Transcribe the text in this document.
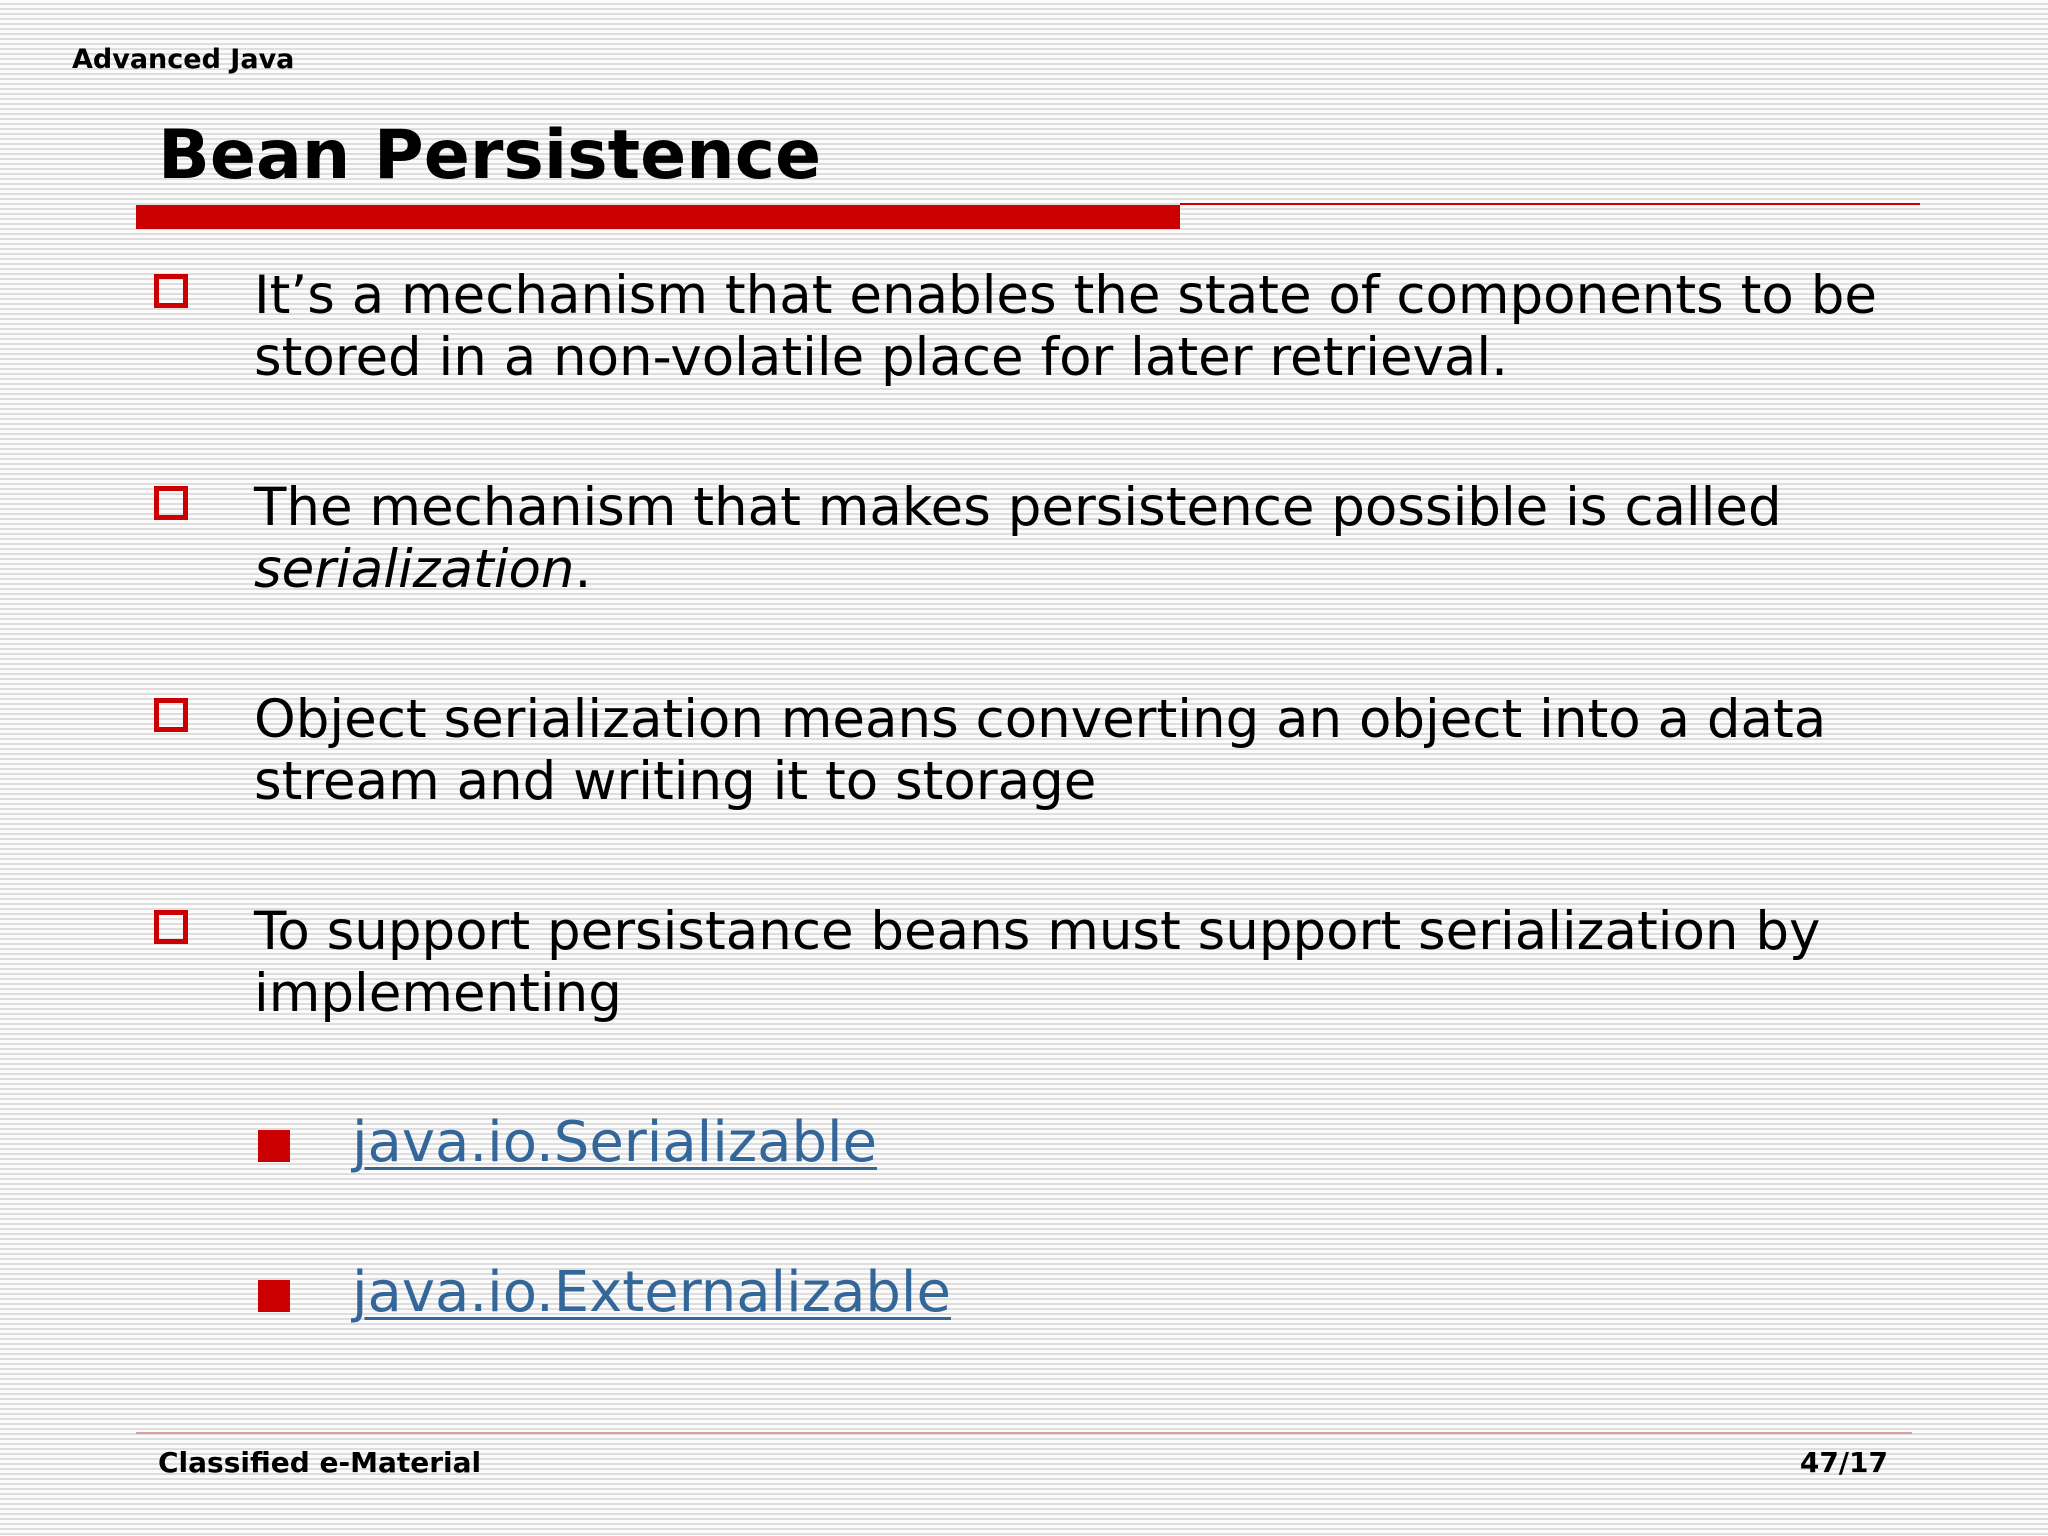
Advanced Java
Bean Persistence
It’s a mechanism that enables the state of components to be stored in a non-volatile place for later retrieval.
The mechanism that makes persistence possible is called serialization.
Object serialization means converting an object into a data stream and writing it to storage
To support persistance beans must support serialization by implementing
java.io.Serializable
java.io.Externalizable
Classified e-Material	47/17
